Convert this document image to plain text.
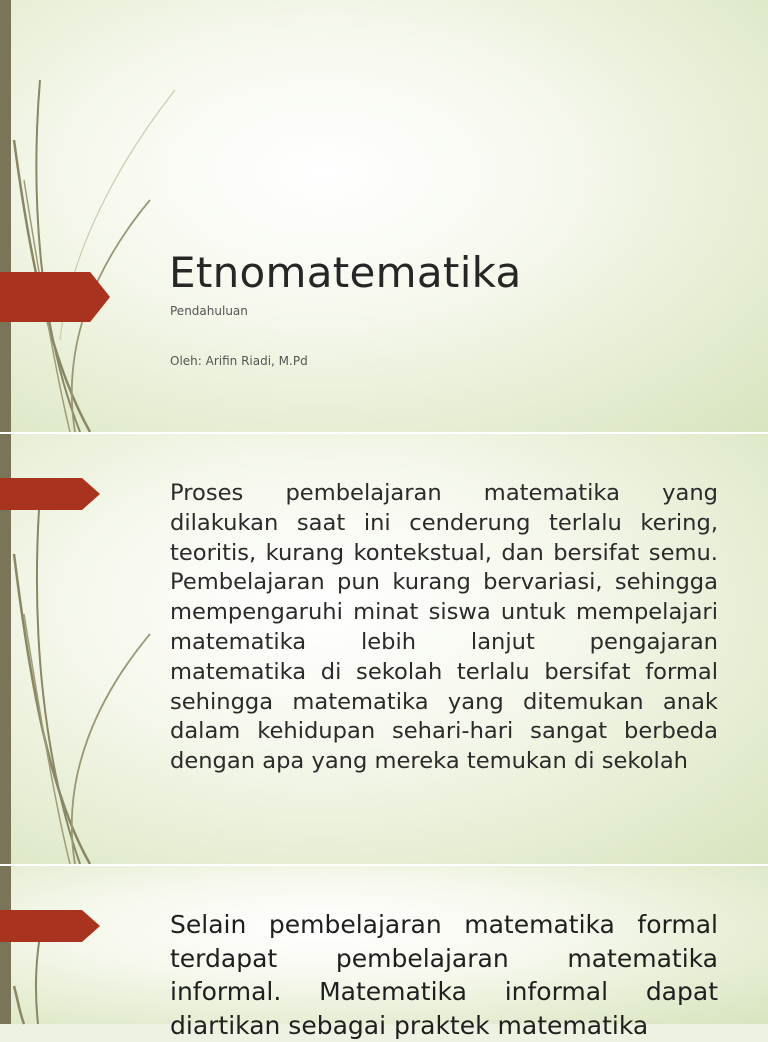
Etnomatematika
Pendahuluan
Oleh: Arifin Riadi, M.Pd

Proses pembelajaran matematika yang dilakukan saat ini cenderung terlalu kering, teoritis, kurang kontekstual, dan bersifat semu. Pembelajaran pun kurang bervariasi, sehingga mempengaruhi minat siswa untuk mempelajari matematika lebih lanjut pengajaran matematika di sekolah terlalu bersifat formal sehingga matematika yang ditemukan anak dalam kehidupan sehari-hari sangat berbeda dengan apa yang mereka temukan di sekolah

Selain pembelajaran matematika formal terdapat pembelajaran matematika informal. Matematika informal dapat diartikan sebagai praktek matematika
